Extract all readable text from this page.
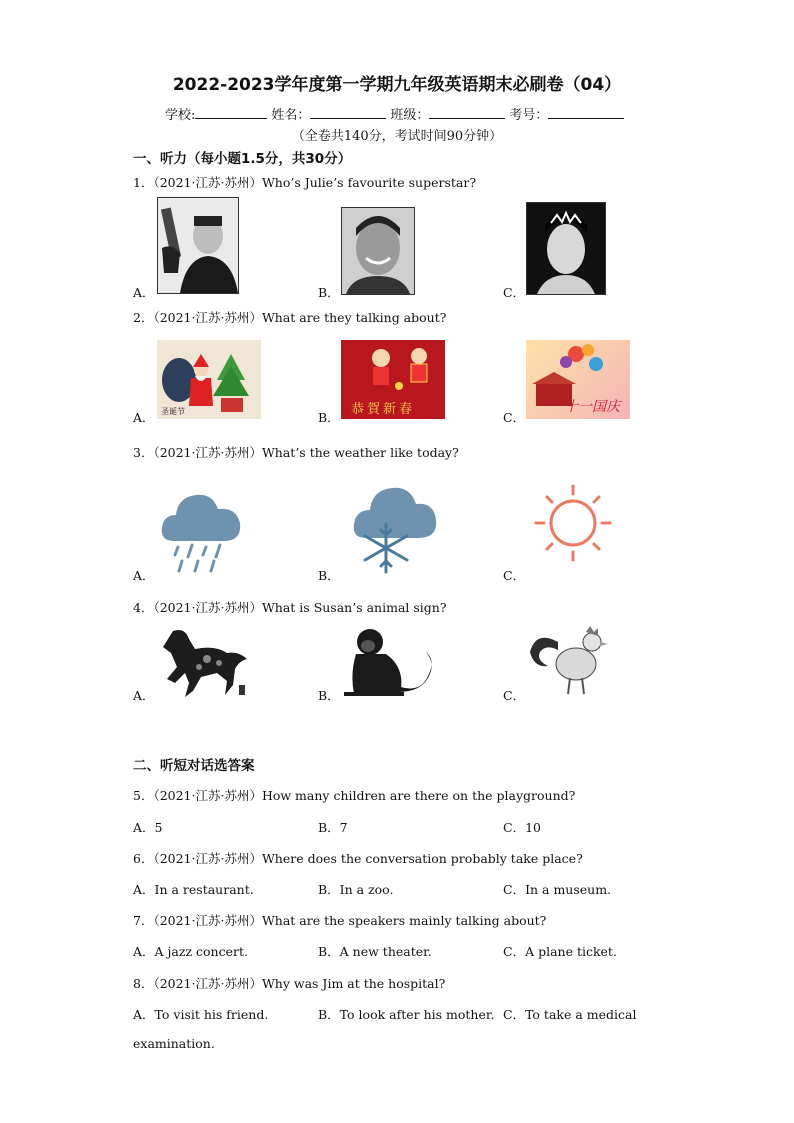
2022-2023学年度第一学期九年级英语期末必刷卷（04）
学校:	姓名：	班级：	考号：
（全卷共140分，考试时间90分钟）
一、听力（每小题1.5分，共30分）
1．（2021·江苏·苏州）Who’s Julie’s favourite superstar?
A．	B．	C．
2．（2021·江苏·苏州）What are they talking about?
A．	B．	C．
圣诞节	恭賀新春	十一国庆
3．（2021·江苏·苏州）What’s the weather like today?
A．	B．	C．
4．（2021·江苏·苏州）What is Susan’s animal sign?
A．	B．	C．
二、听短对话选答案
5．（2021·江苏·苏州）How many children are there on the playground?
A．5	B．7	C．10
6．（2021·江苏·苏州）Where does the conversation probably take place?
A．In a restaurant.	B．In a zoo.	C．In a museum.
7．（2021·江苏·苏州）What are the speakers mainly talking about?
A．A jazz concert.	B．A new theater.	C．A plane ticket.
8．（2021·江苏·苏州）Why was Jim at the hospital?
A．To visit his friend.	B．To look after his mother. C．To take a medical
examination.
